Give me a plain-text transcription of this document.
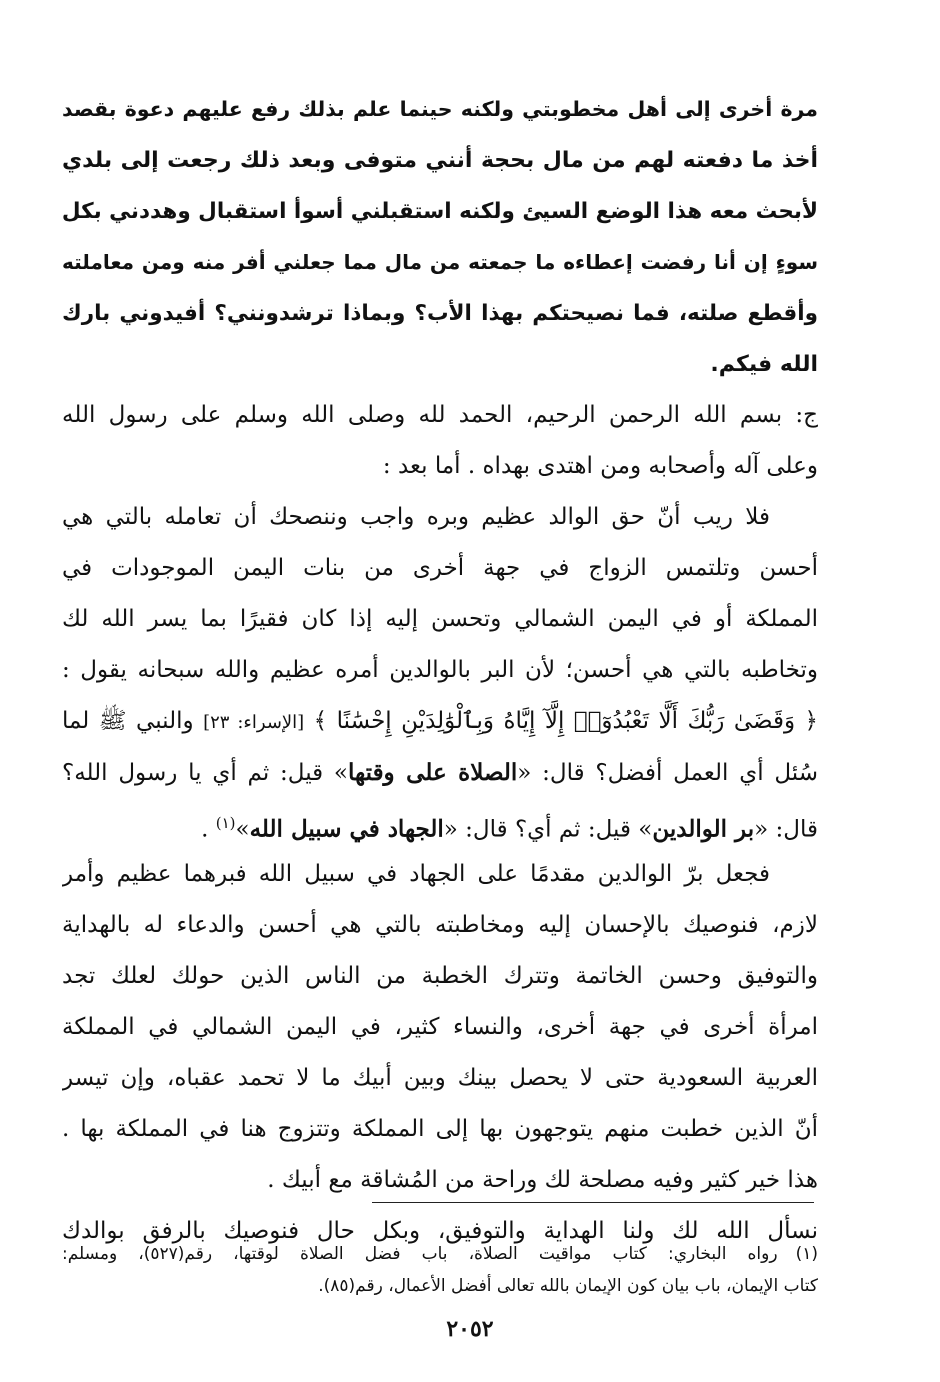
مرة أخرى إلى أهل مخطوبتي ولكنه حينما علم بذلك رفع عليهم دعوة بقصد
أخذ ما دفعته لهم من مال بحجة أنني متوفى وبعد ذلك رجعت إلى بلدي
لأبحث معه هذا الوضع السيئ ولكنه استقبلني أسوأ استقبال وهددني بكل
سوءٍ إن أنا رفضت إعطاءه ما جمعته من مال مما جعلني أفر منه ومن معاملته
وأقطع صلته، فما نصيحتكم بهذا الأب؟ وبماذا ترشدونني؟ أفيدوني بارك
الله فيكم.
ج: بسم الله الرحمن الرحيم، الحمد لله وصلى الله وسلم على رسول الله
وعلى آله وأصحابه ومن اهتدى بهداه . أما بعد :
فلا ريب أنّ حق الوالد عظيم وبره واجب وننصحك أن تعامله بالتي هي
أحسن وتلتمس الزواج في جهة أخرى من بنات اليمن الموجودات في
المملكة أو في اليمن الشمالي وتحسن إليه إذا كان فقيرًا بما يسر الله لك
وتخاطبه بالتي هي أحسن؛ لأن البر بالوالدين أمره عظيم والله سبحانه يقول :
﴿ وَقَضَىٰ رَبُّكَ أَلَّا تَعْبُدُوٓا۟ إِلَّآ إِيَّاهُ وَبِٱلْوَٰلِدَيْنِ إِحْسَٰنًا ﴾ [الإسراء: ٢٣] والنبي ﷺ لما
سُئل أي العمل أفضل؟ قال: «الصلاة على وقتها» قيل: ثم أي يا رسول الله؟
قال: «بر الوالدين» قيل: ثم أي؟ قال: «الجهاد في سبيل الله»$^{(١)}$ .
فجعل برّ الوالدين مقدمًا على الجهاد في سبيل الله فبرهما عظيم وأمر
لازم، فنوصيك بالإحسان إليه ومخاطبته بالتي هي أحسن والدعاء له بالهداية
والتوفيق وحسن الخاتمة وتترك الخطبة من الناس الذين حولك لعلك تجد
امرأة أخرى في جهة أخرى، والنساء كثير، في اليمن الشمالي في المملكة
العربية السعودية حتى لا يحصل بينك وبين أبيك ما لا تحمد عقباه، وإن تيسر
أنّ الذين خطبت منهم يتوجهون بها إلى المملكة وتتزوج هنا في المملكة بها .
هذا خير كثير وفيه مصلحة لك وراحة من المُشاقة مع أبيك .
نسأل الله لك ولنا الهداية والتوفيق، وبكل حال فنوصيك بالرفق بوالدك
(١)رواه البخاري: كتاب مواقيت الصلاة، باب فضل الصلاة لوقتها، رقم(٥٢٧)، ومسلم:
كتاب الإيمان، باب بيان كون الإيمان بالله تعالى أفضل الأعمال، رقم(٨٥).
٢٠٥٢
